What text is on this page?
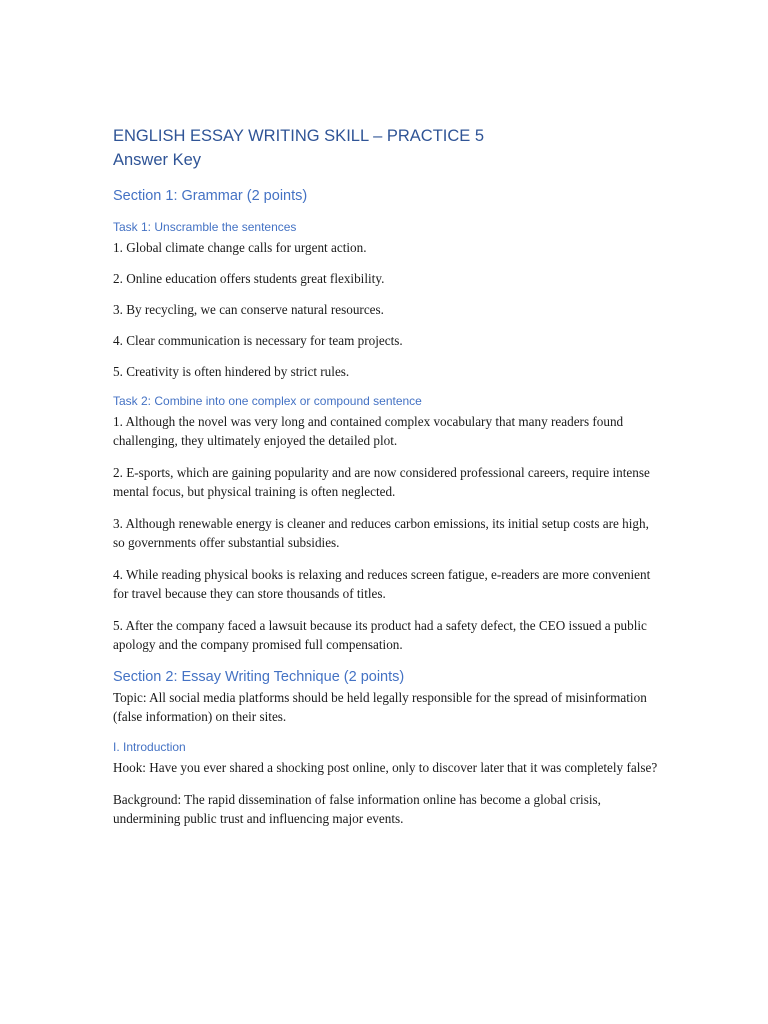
ENGLISH ESSAY WRITING SKILL – PRACTICE 5
Answer Key
Section 1: Grammar (2 points)
Task 1: Unscramble the sentences

1. Global climate change calls for urgent action.

2. Online education offers students great flexibility.

3. By recycling, we can conserve natural resources.

4. Clear communication is necessary for team projects.

5. Creativity is often hindered by strict rules.

Task 2: Combine into one complex or compound sentence

1. Although the novel was very long and contained complex vocabulary that many readers found challenging, they ultimately enjoyed the detailed plot.

2. E-sports, which are gaining popularity and are now considered professional careers, require intense mental focus, but physical training is often neglected.

3. Although renewable energy is cleaner and reduces carbon emissions, its initial setup costs are high, so governments offer substantial subsidies.

4. While reading physical books is relaxing and reduces screen fatigue, e-readers are more convenient for travel because they can store thousands of titles.

5. After the company faced a lawsuit because its product had a safety defect, the CEO issued a public apology and the company promised full compensation.

Section 2: Essay Writing Technique (2 points)

Topic: All social media platforms should be held legally responsible for the spread of misinformation (false information) on their sites.

I. Introduction

Hook: Have you ever shared a shocking post online, only to discover later that it was completely false?

Background: The rapid dissemination of false information online has become a global crisis, undermining public trust and influencing major events.
